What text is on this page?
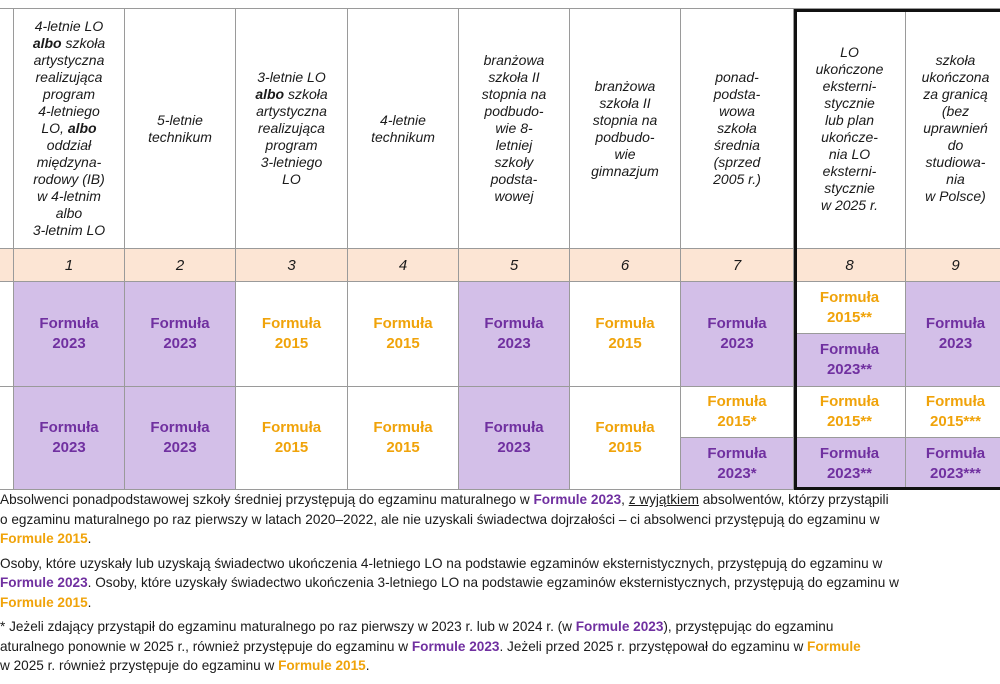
4-letnie LO
albo szkoła
artystyczna
realizująca
program
4-letniego
LO, albo
oddział
międzyna-
rodowy (IB)
w 4-letnim
albo
3-letnim LO
1
5-letnie
technikum
2
3-letnie LO
albo szkoła
artystyczna
realizująca
program
3-letniego
LO
3
4-letnie
technikum
4
branżowa
szkoła II
stopnia na
podbudo-
wie 8-
letniej
szkoły
podsta-
wowej
5
branżowa
szkoła II
stopnia na
podbudo-
wie
gimnazjum
6
ponad-
podsta-
wowa
szkoła
średnia
(sprzed
2005 r.)
7
LO
ukończone
eksterni-
stycznie
lub plan
ukończe-
nia LO
eksterni-
stycznie
w 2025 r.
8
szkoła
ukończona
za granicą
(bez
uprawnień
do
studiowa-
nia
w Polsce)
9
Formuła
2023
Formuła
2023
Formuła
2015
Formuła
2015
Formuła
2023
Formuła
2015
Formuła
2023
Formuła
2015**
Formuła
2023**
Formuła
2023
Formuła
2023
Formuła
2023
Formuła
2015
Formuła
2015
Formuła
2023
Formuła
2015
Formuła
2015*
Formuła
2023*
Formuła
2015**
Formuła
2023**
Formuła
2015***
Formuła
2023***
Absolwenci ponadpodstawowej szkoły średniej przystępują do egzaminu maturalnego w Formule 2023, z wyjątkiem absolwentów, którzy przystąpili
o egzaminu maturalnego po raz pierwszy w latach 2020–2022, ale nie uzyskali świadectwa dojrzałości – ci absolwenci przystępują do egzaminu w
Formule 2015.
Osoby, które uzyskały lub uzyskają świadectwo ukończenia 4-letniego LO na podstawie egzaminów eksternistycznych, przystępują do egzaminu w
Formule 2023. Osoby, które uzyskały świadectwo ukończenia 3-letniego LO na podstawie egzaminów eksternistycznych, przystępują do egzaminu w
Formule 2015.
* Jeżeli zdający przystąpił do egzaminu maturalnego po raz pierwszy w 2023 r. lub w 2024 r. (w Formule 2023), przystępując do egzaminu
aturalnego ponownie w 2025 r., również przystępuje do egzaminu w Formule 2023. Jeżeli przed 2025 r. przystępował do egzaminu w Formule
w 2025 r. również przystępuje do egzaminu w Formule 2015.
